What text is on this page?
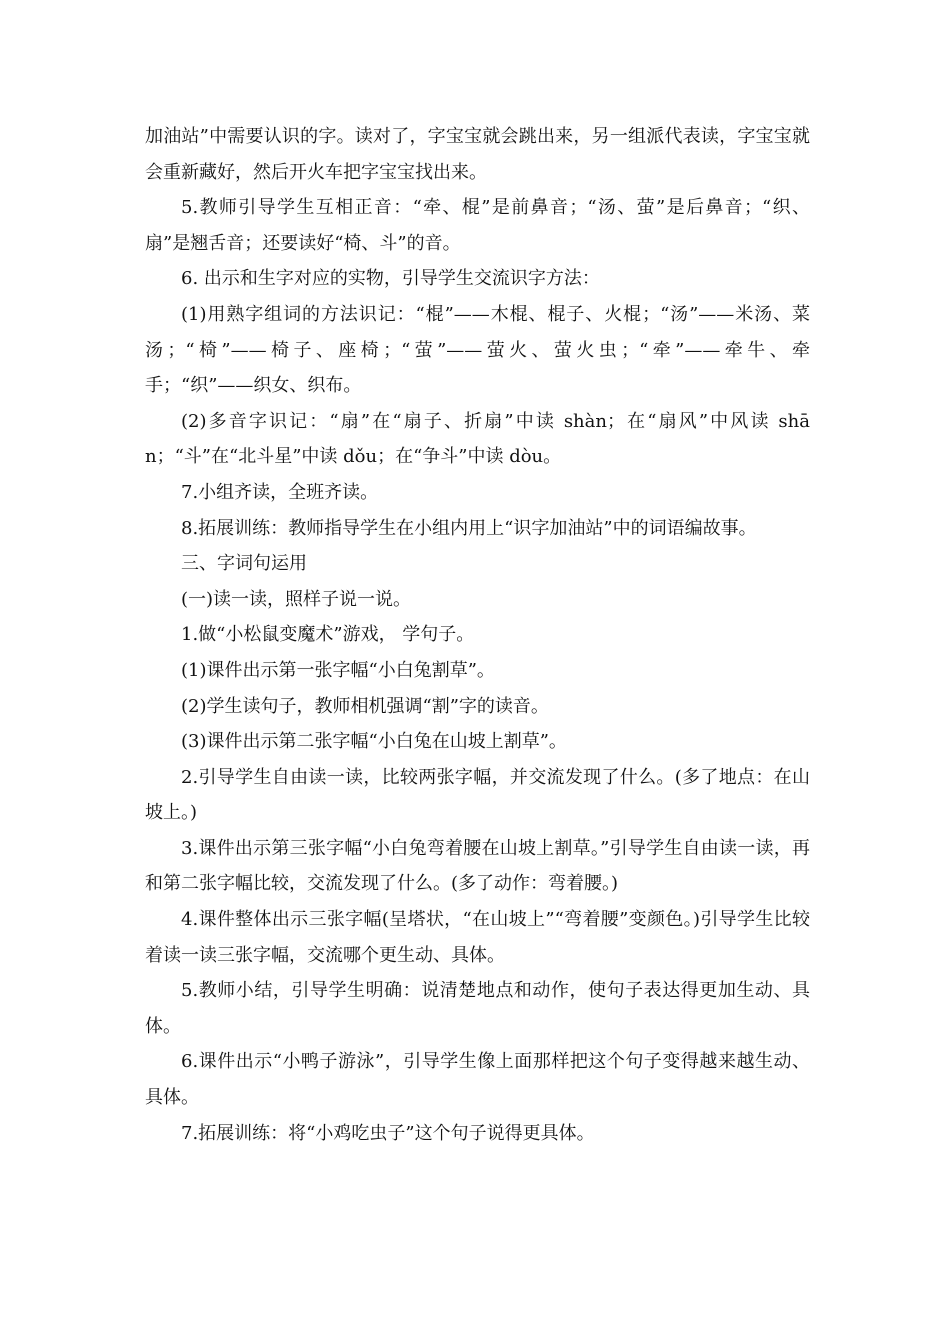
加油站”中需要认识的字。读对了，字宝宝就会跳出来，另一组派代表读，字宝宝就会重新藏好，然后开火车把字宝宝找出来。

5.教师引导学生互相正音：“牵、棍”是前鼻音；“汤、萤”是后鼻音；“织、扇”是翘舌音；还要读好“椅、斗”的音。

6. 出示和生字对应的实物，引导学生交流识字方法：

(1)用熟字组词的方法识记：“棍”——木棍、棍子、火棍；“汤”——米汤、菜汤；“椅”——椅子、座椅；“萤”——萤火、萤火虫；“牵”——牵牛、牵手；“织”——织女、织布。

(2)多音字识记：“扇”在“扇子、折扇”中读 shàn；在“扇风”中风读 shān；“斗”在“北斗星”中读 dǒu；在“争斗”中读 dòu。

7.小组齐读，全班齐读。

8.拓展训练：教师指导学生在小组内用上“识字加油站”中的词语编故事。

三、字词句运用

(一)读一读，照样子说一说。

1.做“小松鼠变魔术”游戏， 学句子。

(1)课件出示第一张字幅“小白兔割草”。

(2)学生读句子，教师相机强调“割”字的读音。

(3)课件出示第二张字幅“小白兔在山坡上割草”。

2.引导学生自由读一读，比较两张字幅，并交流发现了什么。(多了地点：在山坡上。)

3.课件出示第三张字幅“小白兔弯着腰在山坡上割草。”引导学生自由读一读，再和第二张字幅比较，交流发现了什么。(多了动作：弯着腰。)

4.课件整体出示三张字幅(呈塔状，“在山坡上”“弯着腰”变颜色。)引导学生比较着读一读三张字幅，交流哪个更生动、具体。

5.教师小结，引导学生明确：说清楚地点和动作，使句子表达得更加生动、具体。

6.课件出示“小鸭子游泳”，引导学生像上面那样把这个句子变得越来越生动、具体。

7.拓展训练：将“小鸡吃虫子”这个句子说得更具体。
